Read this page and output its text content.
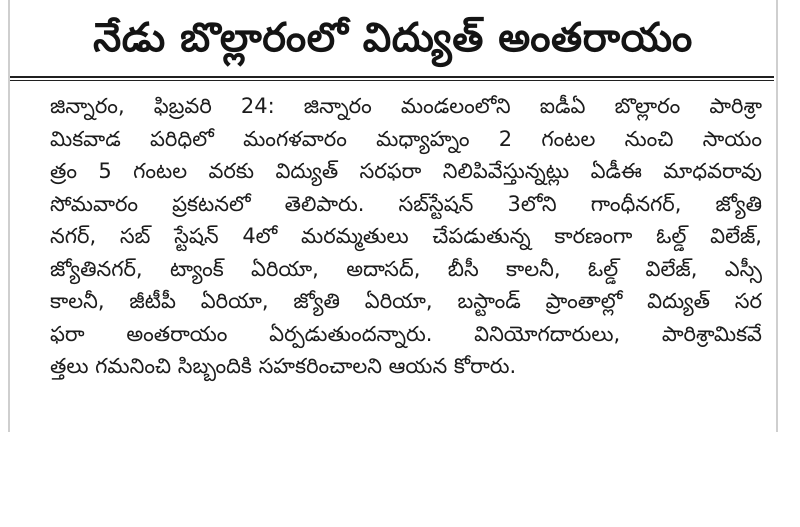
నేడు బొల్లారంలో విద్యుత్ అంతరాయం
జిన్నారం, ఫిబ్రవరి 24: జిన్నారం మండలంలోని ఐడీఏ బొల్లారం పారిశ్రా
మికవాడ పరిధిలో మంగళవారం మధ్యాహ్నం 2 గంటల నుంచి సాయం
త్రం 5 గంటల వరకు విద్యుత్ సరఫరా నిలిపివేస్తున్నట్లు ఏడీఈ మాధవరావు
సోమవారం ప్రకటనలో తెలిపారు. సబ్‌స్టేషన్ 3లోని గాంధీనగర్, జ్యోతి
నగర్, సబ్ స్టేషన్ 4లో మరమ్మతులు చేపడుతున్న కారణంగా ఓల్డ్ విలేజ్,
జ్యోతినగర్, ట్యాంక్ ఏరియా, అదాసద్, బీసీ కాలనీ, ఓల్డ్ విలేజ్, ఎస్సీ
కాలనీ, జీటీపీ ఏరియా, జ్యోతి ఏరియా, బస్టాండ్ ప్రాంతాల్లో విద్యుత్ సర
ఫరా అంతరాయం ఏర్పడుతుందన్నారు. వినియోగదారులు, పారిశ్రామికవే
త్తలు గమనించి సిబ్బందికి సహకరించాలని ఆయన కోరారు.
